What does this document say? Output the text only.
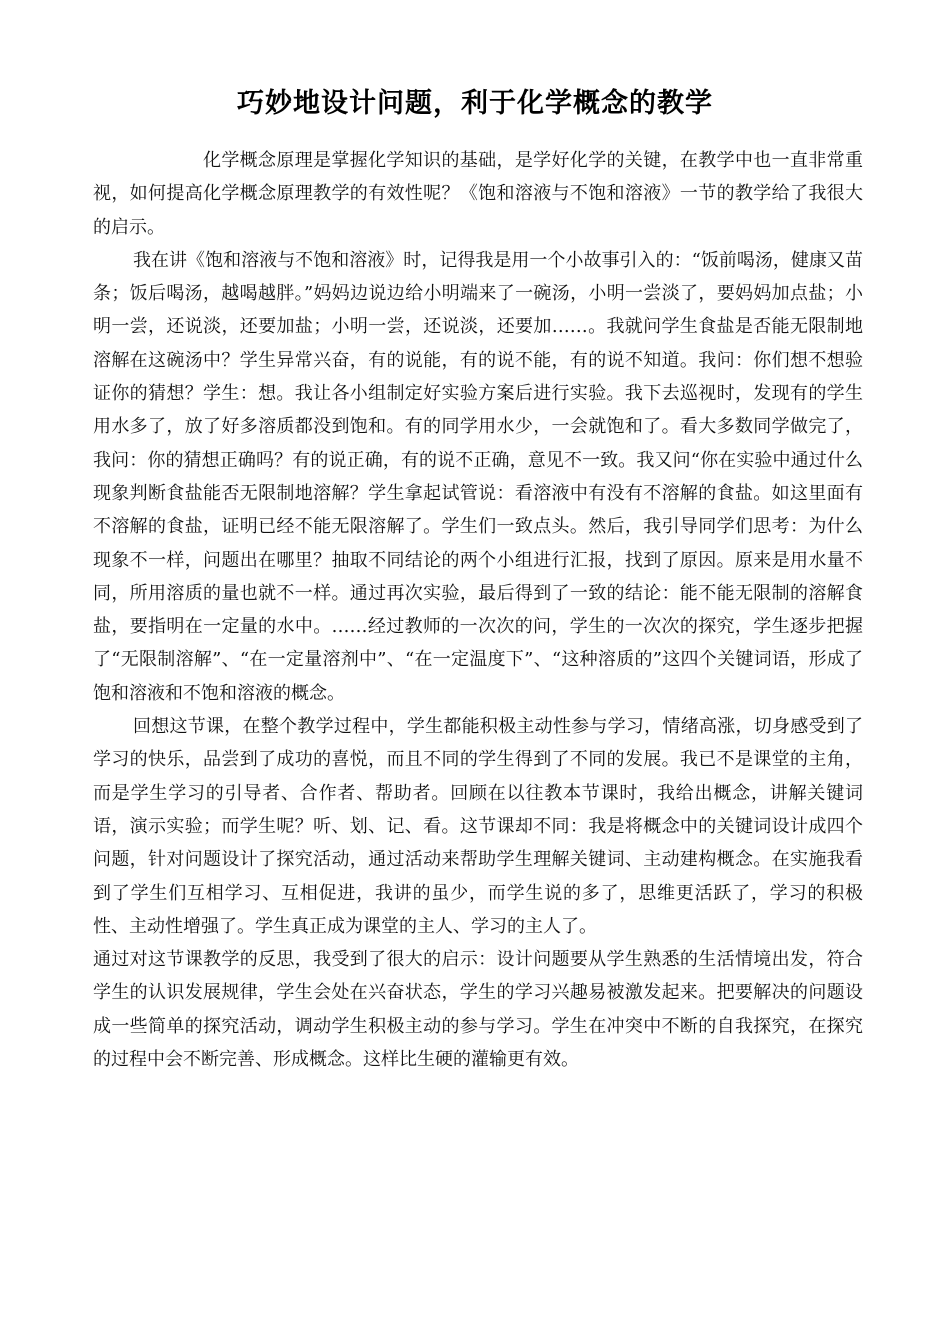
巧妙地设计问题，利于化学概念的教学

化学概念原理是掌握化学知识的基础，是学好化学的关键，在教学中也一直非常重视，如何提高化学概念原理教学的有效性呢？《饱和溶液与不饱和溶液》一节的教学给了我很大的启示。

我在讲《饱和溶液与不饱和溶液》时，记得我是用一个小故事引入的：“饭前喝汤，健康又苗条；饭后喝汤，越喝越胖。”妈妈边说边给小明端来了一碗汤，小明一尝淡了，要妈妈加点盐；小明一尝，还说淡，还要加盐；小明一尝，还说淡，还要加……。我就问学生食盐是否能无限制地溶解在这碗汤中？学生异常兴奋，有的说能，有的说不能，有的说不知道。我问：你们想不想验证你的猜想？学生：想。我让各小组制定好实验方案后进行实验。我下去巡视时，发现有的学生用水多了，放了好多溶质都没到饱和。有的同学用水少，一会就饱和了。看大多数同学做完了，我问：你的猜想正确吗？有的说正确，有的说不正确，意见不一致。我又问“你在实验中通过什么现象判断食盐能否无限制地溶解？学生拿起试管说：看溶液中有没有不溶解的食盐。如这里面有不溶解的食盐，证明已经不能无限溶解了。学生们一致点头。然后，我引导同学们思考：为什么现象不一样，问题出在哪里？抽取不同结论的两个小组进行汇报，找到了原因。原来是用水量不同，所用溶质的量也就不一样。通过再次实验，最后得到了一致的结论：能不能无限制的溶解食盐，要指明在一定量的水中。……经过教师的一次次的问，学生的一次次的探究，学生逐步把握了“无限制溶解”、“在一定量溶剂中”、“在一定温度下”、“这种溶质的”这四个关键词语，形成了饱和溶液和不饱和溶液的概念。

回想这节课，在整个教学过程中，学生都能积极主动性参与学习，情绪高涨，切身感受到了学习的快乐，品尝到了成功的喜悦，而且不同的学生得到了不同的发展。我已不是课堂的主角，而是学生学习的引导者、合作者、帮助者。回顾在以往教本节课时，我给出概念，讲解关键词语，演示实验；而学生呢？听、划、记、看。这节课却不同：我是将概念中的关键词设计成四个问题，针对问题设计了探究活动，通过活动来帮助学生理解关键词、主动建构概念。在实施我看到了学生们互相学习、互相促进，我讲的虽少，而学生说的多了，思维更活跃了，学习的积极性、主动性增强了。学生真正成为课堂的主人、学习的主人了。

通过对这节课教学的反思，我受到了很大的启示：设计问题要从学生熟悉的生活情境出发，符合学生的认识发展规律，学生会处在兴奋状态，学生的学习兴趣易被激发起来。把要解决的问题设成一些简单的探究活动，调动学生积极主动的参与学习。学生在冲突中不断的自我探究，在探究的过程中会不断完善、形成概念。这样比生硬的灌输更有效。
